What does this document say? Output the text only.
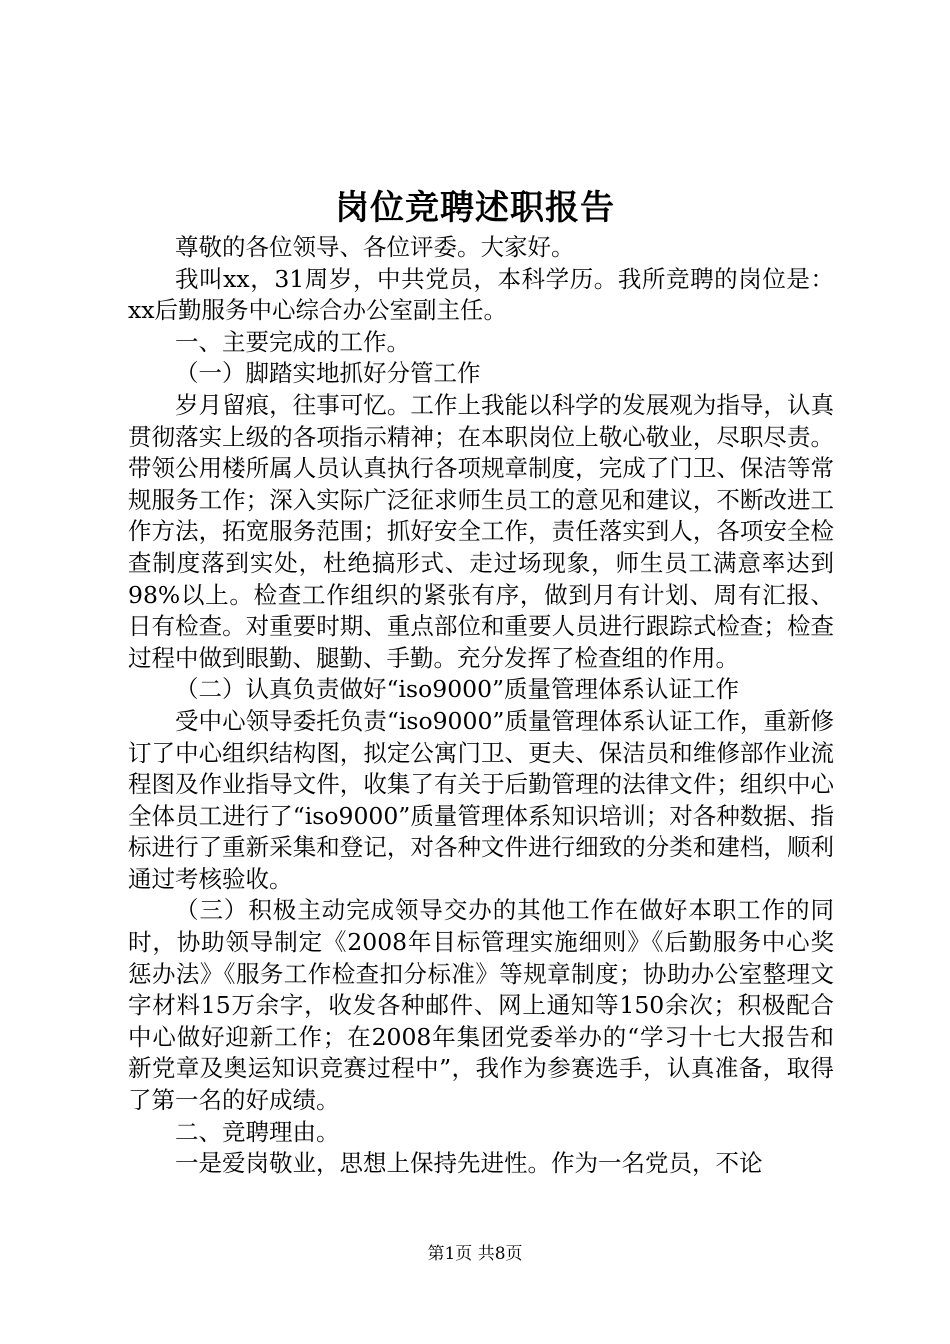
岗位竞聘述职报告

尊敬的各位领导、各位评委。大家好。

我叫xx，31周岁，中共党员，本科学历。我所竞聘的岗位是：xx后勤服务中心综合办公室副主任。

一、主要完成的工作。

（一）脚踏实地抓好分管工作

岁月留痕，往事可忆。工作上我能以科学的发展观为指导，认真贯彻落实上级的各项指示精神；在本职岗位上敬心敬业，尽职尽责。带领公用楼所属人员认真执行各项规章制度，完成了门卫、保洁等常规服务工作；深入实际广泛征求师生员工的意见和建议，不断改进工作方法，拓宽服务范围；抓好安全工作，责任落实到人，各项安全检查制度落到实处，杜绝搞形式、走过场现象，师生员工满意率达到98%以上。检查工作组织的紧张有序，做到月有计划、周有汇报、日有检查。对重要时期、重点部位和重要人员进行跟踪式检查；检查过程中做到眼勤、腿勤、手勤。充分发挥了检查组的作用。

（二）认真负责做好“iso9000”质量管理体系认证工作

受中心领导委托负责“iso9000”质量管理体系认证工作，重新修订了中心组织结构图，拟定公寓门卫、更夫、保洁员和维修部作业流程图及作业指导文件，收集了有关于后勤管理的法律文件；组织中心全体员工进行了“iso9000”质量管理体系知识培训；对各种数据、指标进行了重新采集和登记，对各种文件进行细致的分类和建档，顺利通过考核验收。

（三）积极主动完成领导交办的其他工作在做好本职工作的同时，协助领导制定《2008年目标管理实施细则》《后勤服务中心奖惩办法》《服务工作检查扣分标准》等规章制度；协助办公室整理文字材料15万余字，收发各种邮件、网上通知等150余次；积极配合中心做好迎新工作；在2008年集团党委举办的“学习十七大报告和新党章及奥运知识竞赛过程中”，我作为参赛选手，认真准备，取得了第一名的好成绩。

二、竞聘理由。

一是爱岗敬业，思想上保持先进性。作为一名党员，不论

第1页 共8页
